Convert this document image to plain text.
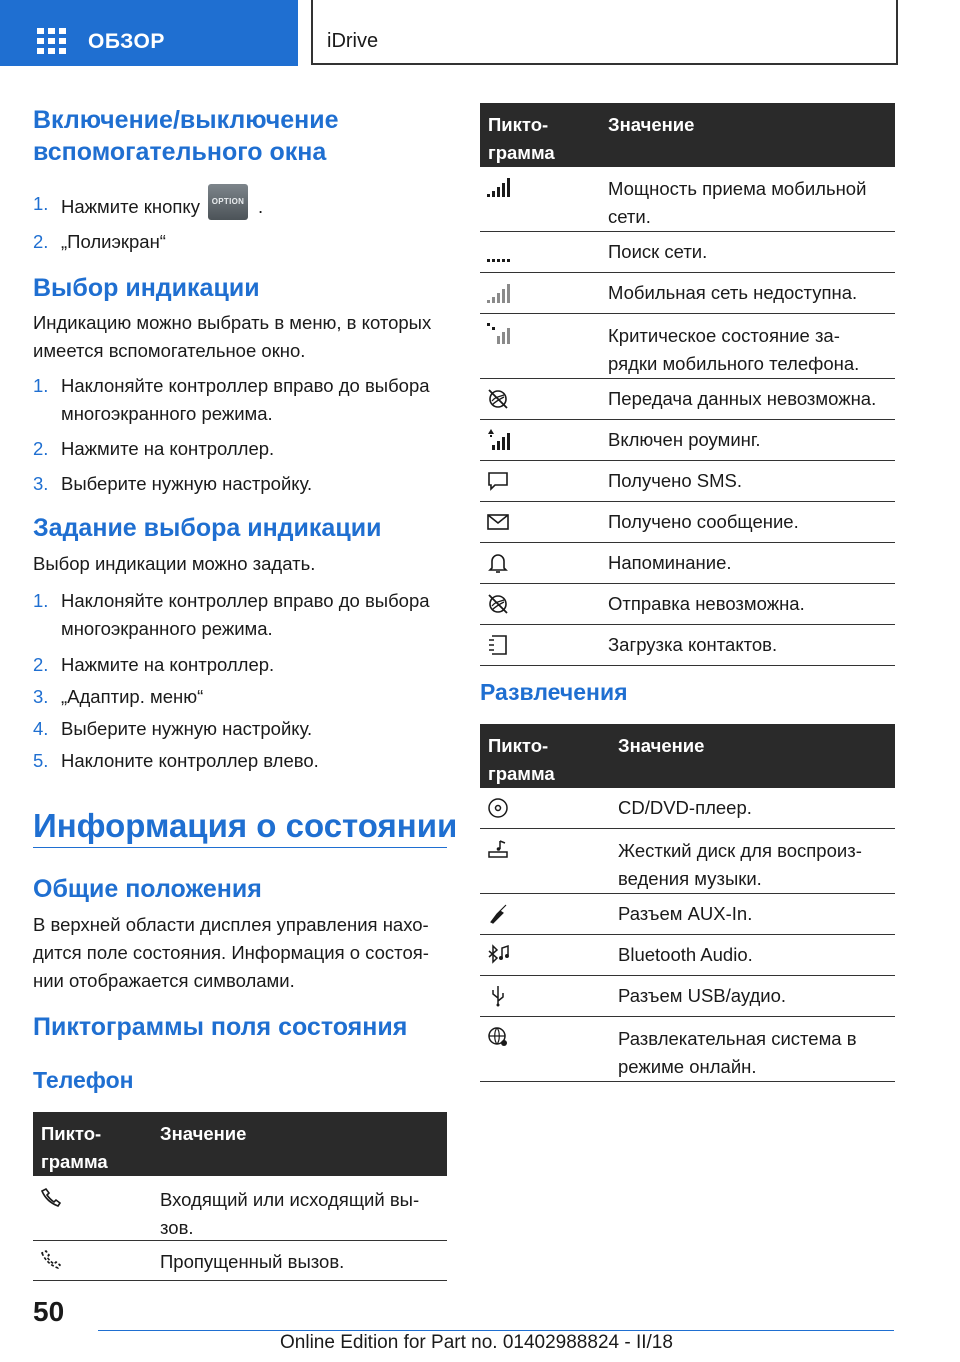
ОБЗОР	iDrive

Включение/выключение

вспомогательного окна

1. Нажмите кнопку OPTION .
2. „Полиэкран“

Выбор индикации

Индикацию можно выбрать в меню, в которых

имеется вспомогательное окно.

1. Наклоняйте контроллер вправо до выбора
многоэкранного режима.
2. Нажмите на контроллер.
3. Выберите нужную настройку.

Задание выбора индикации

Выбор индикации можно задать.

1. Наклоняйте контроллер вправо до выбора
многоэкранного режима.
2. Нажмите на контроллер.
3. „Адаптир. меню“
4. Выберите нужную настройку.
5. Наклоните контроллер влево.

Информация о состоянии

Общие положения

В верхней области дисплея управления нахо-

дится поле состояния. Информация о состоя-

нии отображается символами.

Пиктограммы поля состояния

Телефон

Пикто-
грамма
Значение
Входящий или исходящий вы-
зов.
Пропущенный вызов.
Пикто-
грамма
Значение
Мощность приема мобильной
сети.
Поиск сети.
Мобильная сеть недоступна.
Критическое состояние за-
рядки мобильного телефона.
Передача данных невозможна.
Включен роуминг.
Получено SMS.
Получено сообщение.
Напоминание.
Отправка невозможна.
Загрузка контактов.

Развлечения

Пикто-
грамма
Значение
CD/DVD-плеер.
Жесткий диск для воспроиз-
ведения музыки.
Разъем AUX-In.
Bluetooth Audio.
Разъем USB/аудио.
Развлекательная система в
режиме онлайн.
50
Online Edition for Part no. 01402988824 - II/18
